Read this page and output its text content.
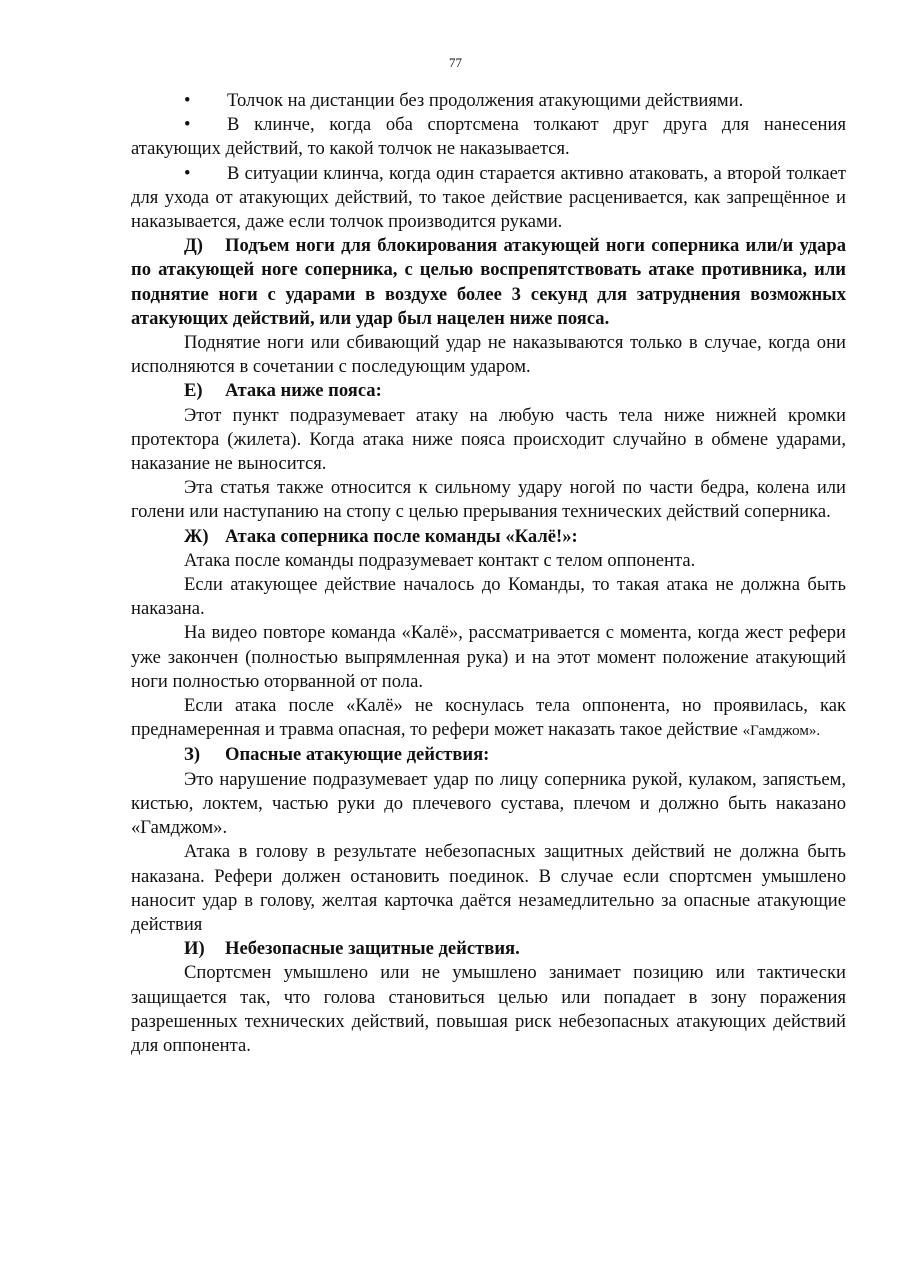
77

• Толчок на дистанции без продолжения атакующими действиями.

• В клинче, когда оба спортсмена толкают друг друга для нанесения атакующих действий, то какой толчок не наказывается.

• В ситуации клинча, когда один старается активно атаковать, а второй толкает для ухода от атакующих действий, то такое действие расценивается, как запрещённое и наказывается, даже если толчок производится руками.

Д) Подъем ноги для блокирования атакующей ноги соперника или/и удара по атакующей ноге соперника, с целью воспрепятствовать атаке противника, или поднятие ноги с ударами в воздухе более 3 секунд для затруднения возможных атакующих действий, или удар был нацелен ниже пояса.

Поднятие ноги или сбивающий удар не наказываются только в случае, когда они исполняются в сочетании с последующим ударом.

Е) Атака ниже пояса:

Этот пункт подразумевает атаку на любую часть тела ниже нижней кромки протектора (жилета). Когда атака ниже пояса происходит случайно в обмене ударами, наказание не выносится.

Эта статья также относится к сильному удару ногой по части бедра, колена или голени или наступанию на стопу с целью прерывания технических действий соперника.

Ж) Атака соперника после команды «Калё!»:

Атака после команды подразумевает контакт с телом оппонента.

Если атакующее действие началось до Команды, то такая атака не должна быть наказана.

На видео повторе команда «Калё», рассматривается с момента, когда жест рефери уже закончен (полностью выпрямленная рука) и на этот момент положение атакующий ноги полностью оторванной от пола.

Если атака после «Калё» не коснулась тела оппонента, но проявилась, как преднамеренная и травма опасная, то рефери может наказать такое действие «Гамджом».

З) Опасные атакующие действия:

Это нарушение подразумевает удар по лицу соперника рукой, кулаком, запястьем, кистью, локтем, частью руки до плечевого сустава, плечом и должно быть наказано «Гамджом».

Атака в голову в результате небезопасных защитных действий не должна быть наказана. Рефери должен остановить поединок. В случае если спортсмен умышлено наносит удар в голову, желтая карточка даётся незамедлительно за опасные атакующие действия

И) Небезопасные защитные действия.

Спортсмен умышлено или не умышлено занимает позицию или тактически защищается так, что голова становиться целью или попадает в зону поражения разрешенных технических действий, повышая риск небезопасных атакующих действий для оппонента.
